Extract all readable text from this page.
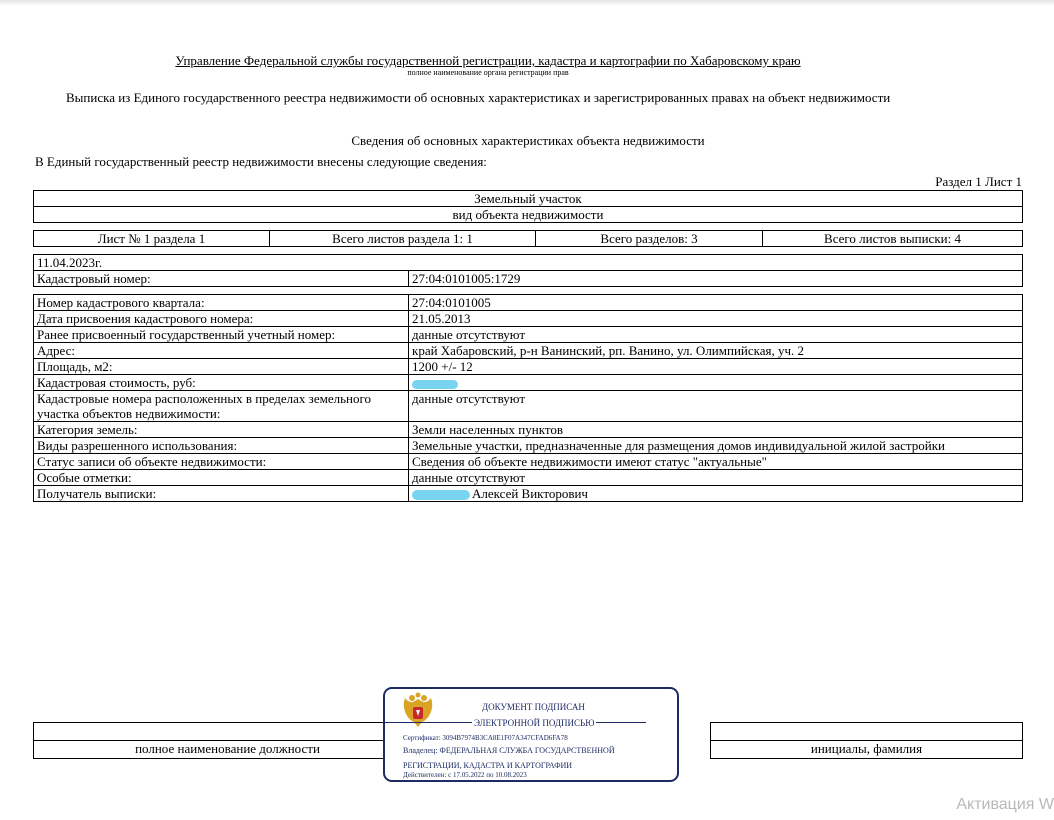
Управление Федеральной службы государственной регистрации, кадастра и картографии по Хабаровскому краю
полное наименование органа регистрации прав
Выписка из Единого государственного реестра недвижимости об основных характеристиках и зарегистрированных правах на объект недвижимости
Сведения об основных характеристиках объекта недвижимости
В Единый государственный реестр недвижимости внесены следующие сведения:
Раздел 1 Лист 1
Земельный участок
вид объекта недвижимости
Лист № 1 раздела 1	Всего листов раздела 1: 1	Всего разделов: 3	Всего листов выписки: 4
11.04.2023г.
Кадастровый номер:	27:04:0101005:1729
Номер кадастрового квартала:	27:04:0101005
Дата присвоения кадастрового номера:	21.05.2013
Ранее присвоенный государственный учетный номер:	данные отсутствуют
Адрес:	край Хабаровский, р-н Ванинский, рп. Ванино, ул. Олимпийская, уч. 2
Площадь, м2:	1200 +/- 12
Кадастровая стоимость, руб:	
Кадастровые номера расположенных в пределах земельного участка объектов недвижимости:	данные отсутствуют
Категория земель:	Земли населенных пунктов
Виды разрешенного использования:	Земельные участки, предназначенные для размещения домов индивидуальной жилой застройки
Статус записи об объекте недвижимости:	Сведения об объекте недвижимости имеют статус "актуальные"
Особые отметки:	данные отсутствуют
Получатель выписки:	Алексей Викторович

полное наименование должности		инициалы, фамилия
ДОКУМЕНТ ПОДПИСАН
ЭЛЕКТРОННОЙ ПОДПИСЬЮ
Сертификат: 3094B7974B3CA8E1F07A347CFAD6FA78
Владелец: ФЕДЕРАЛЬНАЯ СЛУЖБА ГОСУДАРСТВЕННОЙ
РЕГИСТРАЦИИ, КАДАСТРА И КАРТОГРАФИИ
Действителен: с 17.05.2022 по 10.08.2023
Активация W
